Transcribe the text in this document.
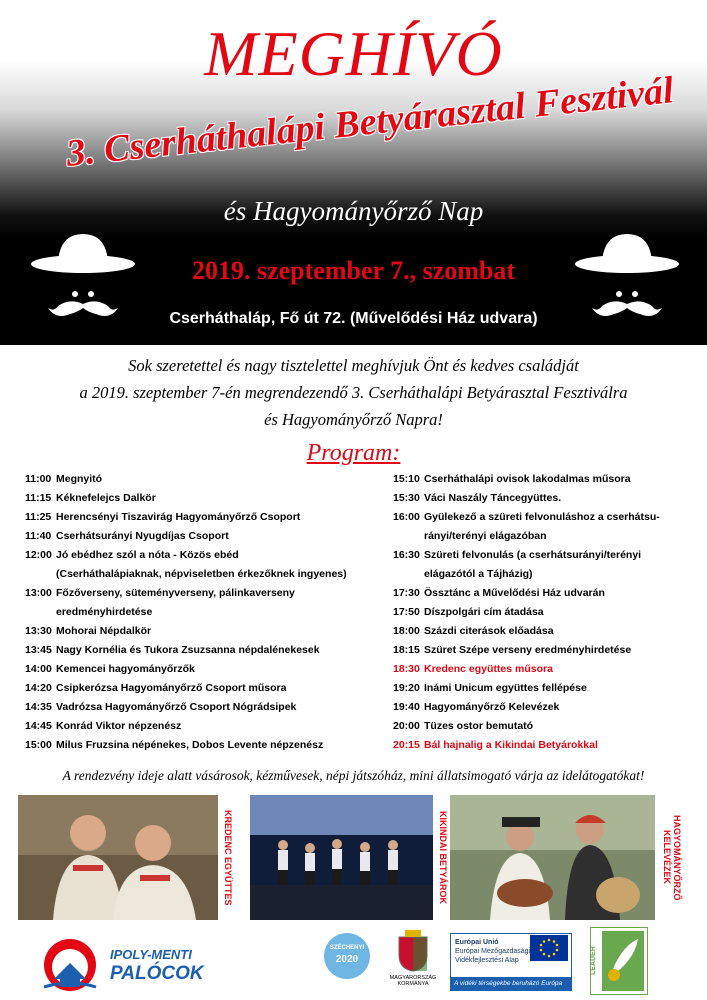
MEGHÍVÓ
3. Cserháthalápi Betyárasztal Fesztivál
és Hagyományőrző Nap
2019. szeptember 7., szombat
Cserháthaláp, Fő út 72. (Művelődési Ház udvara)
Sok szeretettel és nagy tisztelettel meghívjuk Önt és kedves családját
a 2019. szeptember 7-én megrendezendő 3. Cserháthalápi Betyárasztal Fesztiválra
és Hagyományőrző Napra!
Program:
11:00 Megnyitó
11:15 Kéknefelejcs Dalkör
11:25 Herencsényi Tiszavirág Hagyományőrző Csoport
11:40 Cserhátsurányi Nyugdíjas Csoport
12:00 Jó ebédhez szól a nóta - Közös ebéd
(Cserháthalápiaknak, népviseletben érkezőknek ingyenes)
13:00 Főzőverseny, süteményverseny, pálinkaverseny
eredményhirdetése
13:30 Mohorai Népdalkör
13:45 Nagy Kornélia és Tukora Zsuzsanna népdalénekesek
14:00 Kemencei hagyományőrzők
14:20 Csipkerózsa Hagyományőrző Csoport műsora
14:35 Vadrózsa Hagyományőrző Csoport Nógrádsipek
14:45 Konrád Viktor népzenész
15:00 Milus Fruzsina népénekes, Dobos Levente népzenész
15:10 Cserháthalápi ovisok lakodalmas műsora
15:30 Váci Naszály Táncegyüttes.
16:00 Gyülekező a szüreti felvonuláshoz a cserhátsu-
rányi/terényi elágazóban
16:30 Szüreti felvonulás (a cserhátsurányi/terényi
elágazótól a Tájházig)
17:30 Össztánc a Művelődési Ház udvarán
17:50 Díszpolgári cím átadása
18:00 Százdi citerások előadása
18:15 Szüret Szépe verseny eredményhirdetése
18:30 Kredenc együttes műsora
19:20 Inámi Unicum együttes fellépése
19:40 Hagyományőrző Kelevézek
20:00 Tüzes ostor bemutató
20:15 Bál hajnalig a Kikindai Betyárokkal
A rendezvény ideje alatt vásárosok, kézművesek, népi játszóház, mini állatsimogató várja az idelátogatókat!
KREDENC EGYÜTTES	KIKINDAI BETYÁROK	HAGYOMÁNYŐRZŐ KELEVÉZEK
IPOLY-MENTI
PALÓCOK
SZÉCHENYI
2020
MAGYARORSZÁG KORMÁNYA
Európai Unió
Európai Mezőgazdasági
Vidékfejlesztési Alap
A vidéki térségekbe beruházó Európa
LEADER
